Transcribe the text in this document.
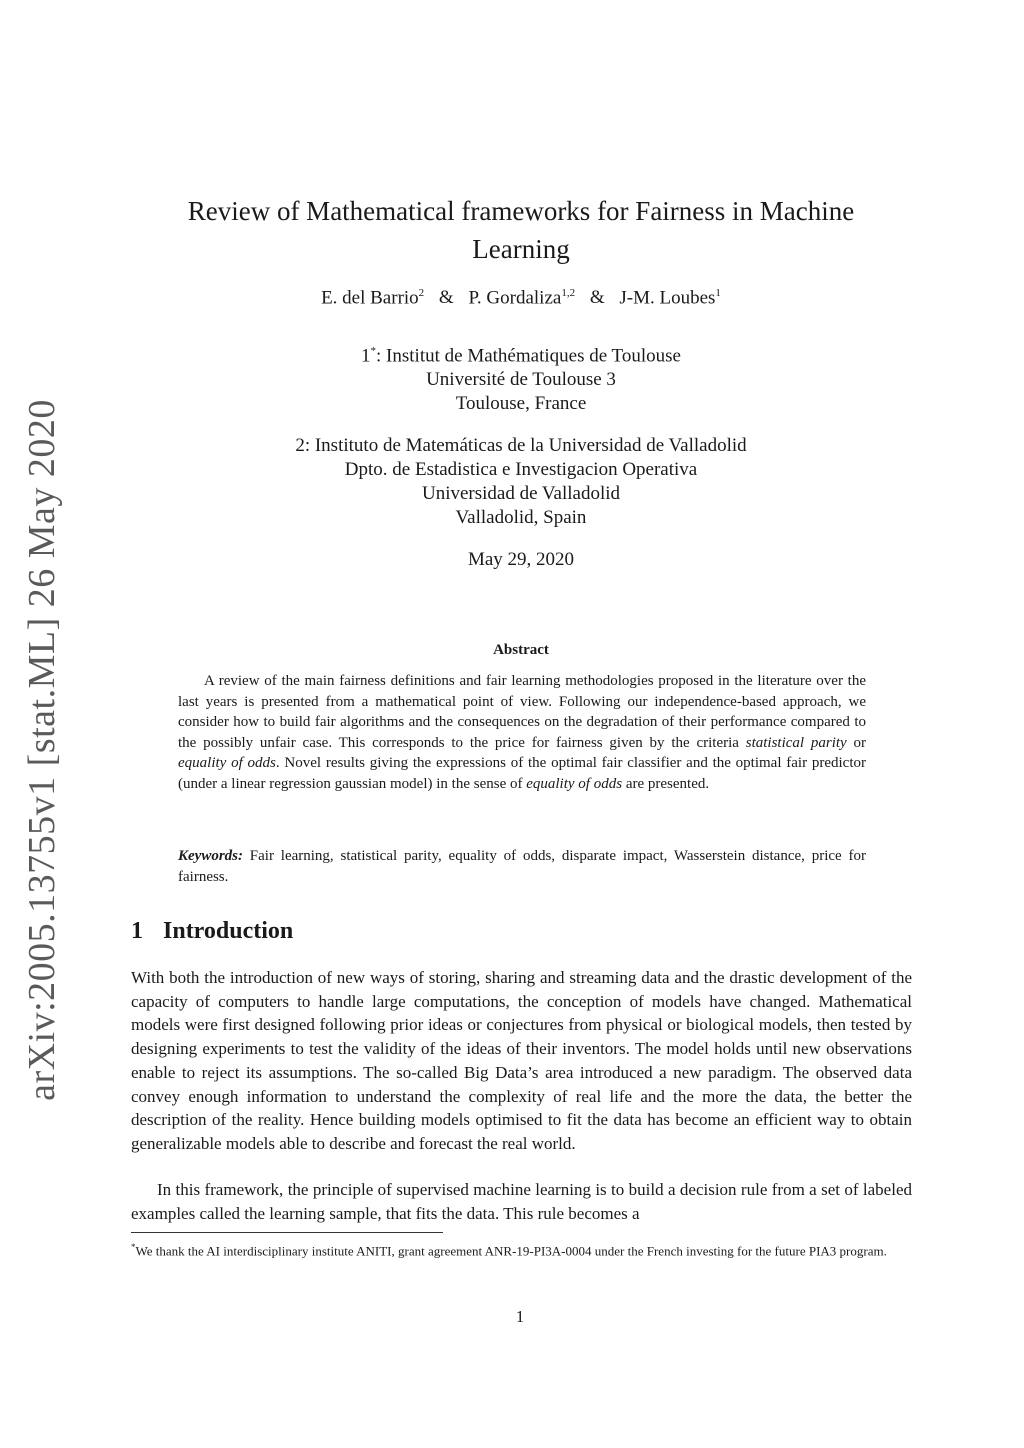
arXiv:2005.13755v1 [stat.ML] 26 May 2020
Review of Mathematical frameworks for Fairness in Machine
Learning
E. del Barrio$^2$ & P. Gordaliza$^{1,2}$ & J-M. Loubes$^1$
1*: Institut de Mathématiques de Toulouse
Université de Toulouse 3
Toulouse, France
2: Instituto de Matemáticas de la Universidad de Valladolid
Dpto. de Estadistica e Investigacion Operativa
Universidad de Valladolid
Valladolid, Spain
May 29, 2020
Abstract
A review of the main fairness definitions and fair learning methodologies proposed in the literature over the last years is presented from a mathematical point of view. Following our independence-based approach, we consider how to build fair algorithms and the consequences on the degradation of their performance compared to the possibly unfair case. This corresponds to the price for fairness given by the criteria statistical parity or equality of odds. Novel results giving the expressions of the optimal fair classifier and the optimal fair predictor (under a linear regression gaussian model) in the sense of equality of odds are presented.
Keywords: Fair learning, statistical parity, equality of odds, disparate impact, Wasserstein distance, price for fairness.
1 Introduction
With both the introduction of new ways of storing, sharing and streaming data and the drastic development of the capacity of computers to handle large computations, the conception of models have changed. Mathematical models were first designed following prior ideas or conjectures from physical or biological models, then tested by designing experiments to test the validity of the ideas of their inventors. The model holds until new observations enable to reject its assumptions. The so-called Big Data’s area introduced a new paradigm. The observed data convey enough information to understand the complexity of real life and the more the data, the better the description of the reality. Hence building models optimised to fit the data has become an efficient way to obtain generalizable models able to describe and forecast the real world.
In this framework, the principle of supervised machine learning is to build a decision rule from a set of labeled examples called the learning sample, that fits the data. This rule becomes a
*We thank the AI interdisciplinary institute ANITI, grant agreement ANR-19-PI3A-0004 under the French investing for the future PIA3 program.
1
